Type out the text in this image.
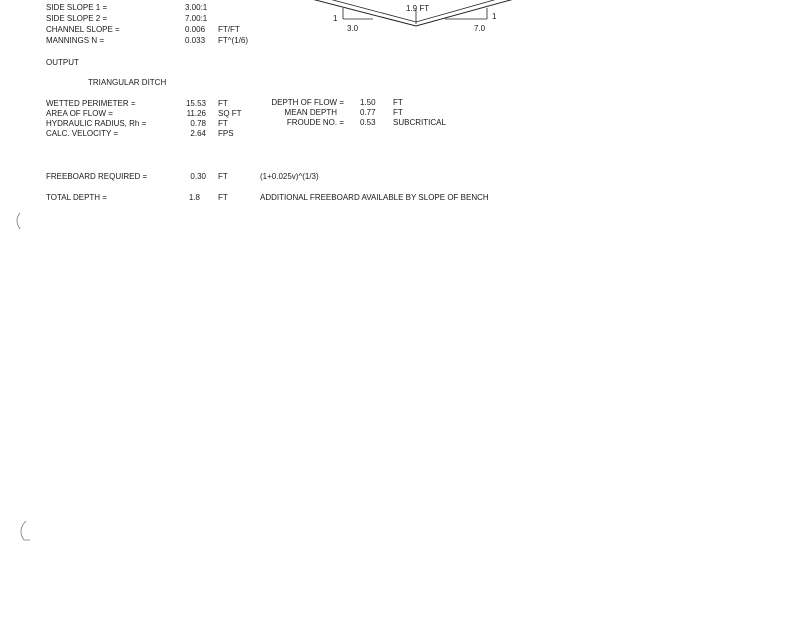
SIDE SLOPE 1 =	3.00:1
SIDE SLOPE 2 =	7.00:1
CHANNEL SLOPE =	0.006 FT/FT
MANNINGS N =	0.033 FT^(1/6)
1.9 FT
1
3.0
1
7.0
OUTPUT
TRIANGULAR DITCH
WETTED PERIMETER =	15.53 FT
AREA OF FLOW =	11.26 SQ FT
HYDRAULIC RADIUS, Rh =	0.78 FT
CALC. VELOCITY =	2.64 FPS
DEPTH OF FLOW = 1.50 FT
MEAN DEPTH	0.77 FT
FROUDE NO. = 0.53 SUBCRITICAL
FREEBOARD REQUIRED =	0.30 FT	(1+0.025v)^(1/3)
TOTAL DEPTH =	1.8 FT	ADDITIONAL FREEBOARD AVAILABLE BY SLOPE OF BENCH
